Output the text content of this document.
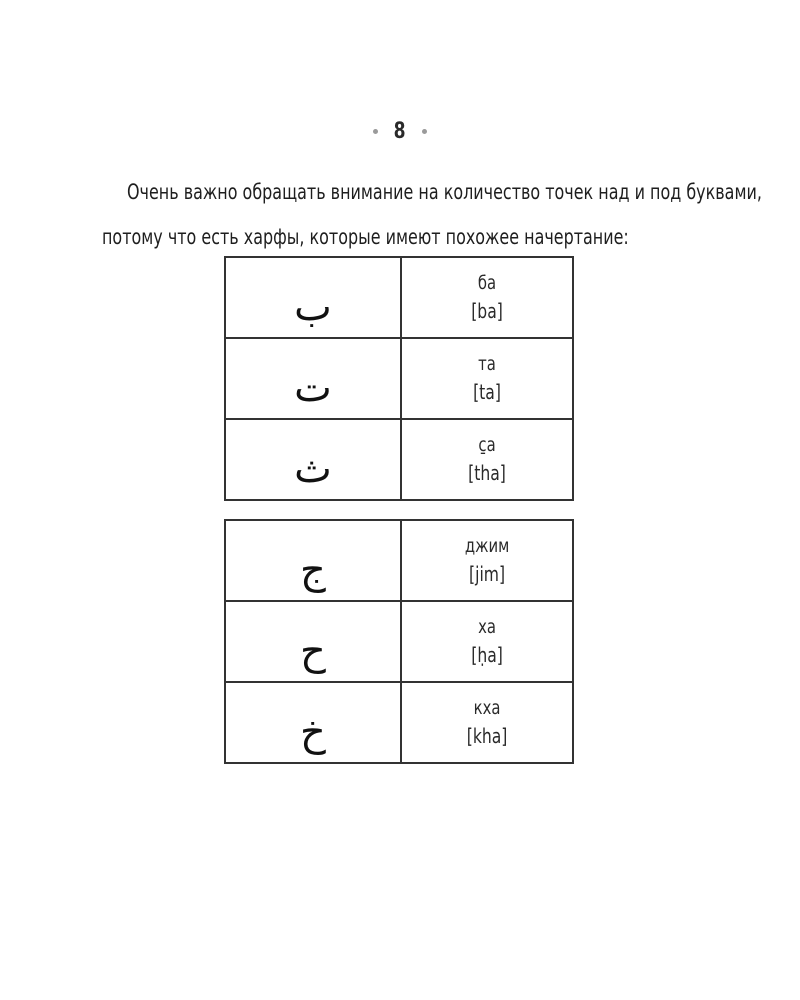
8
Очень важно обращать внимание на количество точек над и под буквами,
потому что есть харфы, которые имеют похожее начертание:
ب	ба
[ba]

ت	та
[ta]

ث	с̱а
[tha]
ج	джим
[jim]

ح	ха
[ḥa]

خ	кха
[kha]
